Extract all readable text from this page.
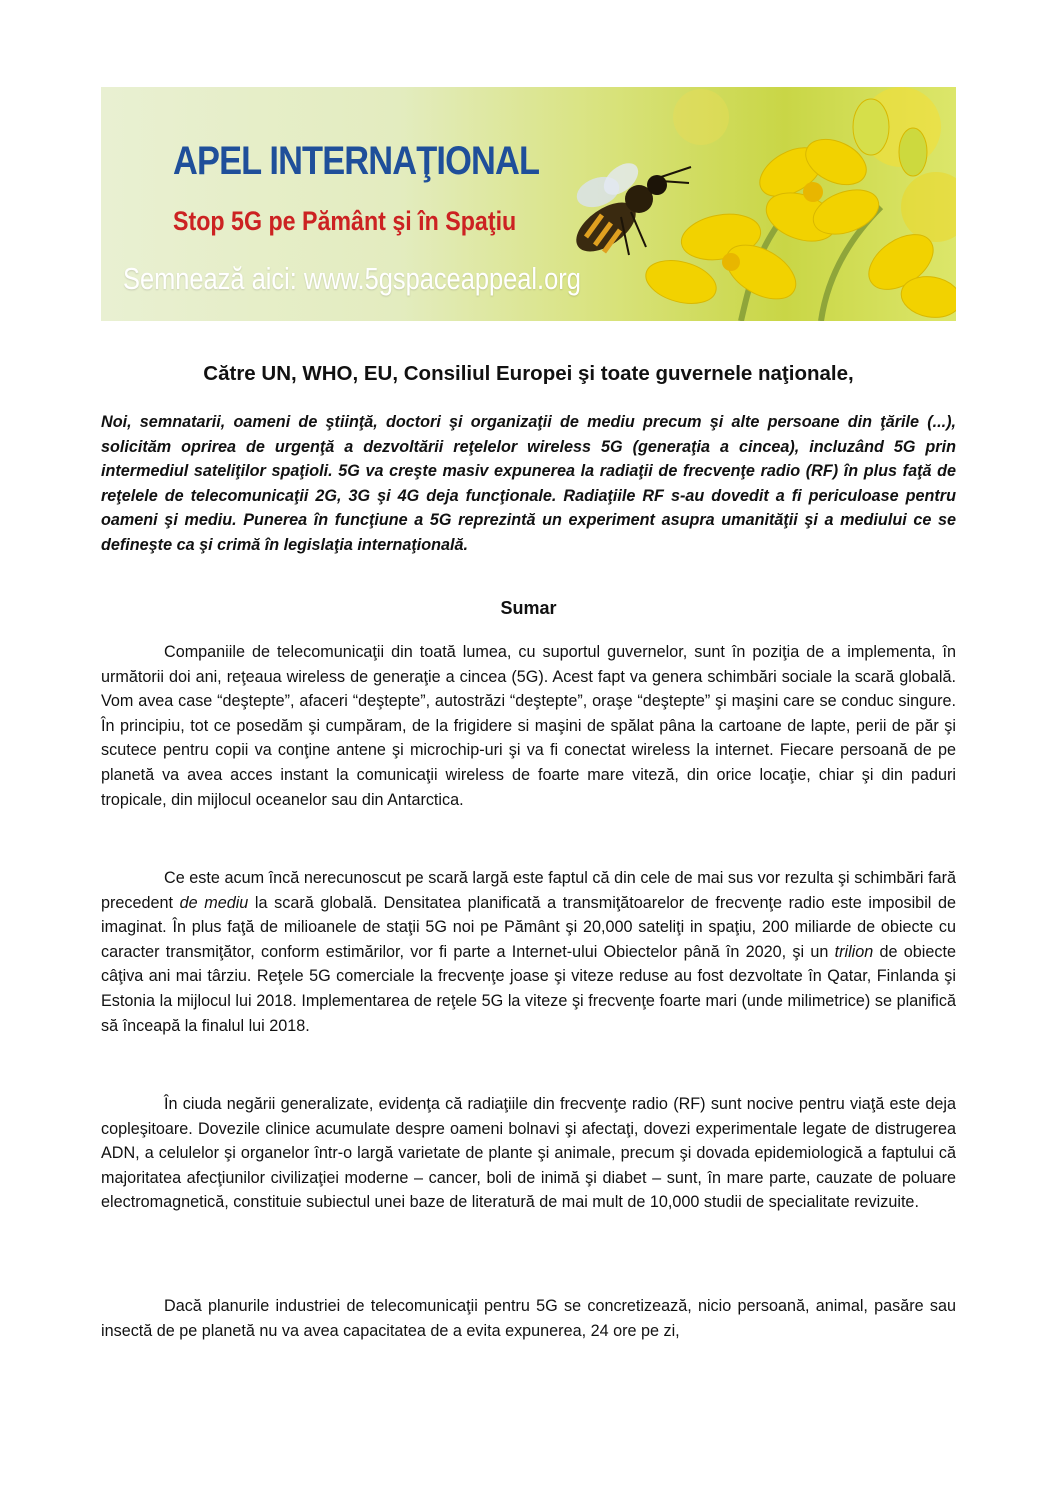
APEL INTERNAŢIONAL
Stop 5G pe Pământ şi în Spaţiu
Semnează aici: www.5gspaceappeal.org
Către UN, WHO, EU, Consiliul Europei şi toate guvernele naţionale,

Noi, semnatarii, oameni de ştiinţă, doctori şi organizaţii de mediu precum şi alte persoane din ţările (...), solicităm oprirea de urgenţă a dezvoltării reţelelor wireless 5G (generaţia a cincea), incluzând 5G prin intermediul sateliţilor spaţioli. 5G va creşte masiv expunerea la radiaţii de frecvenţe radio (RF) în plus faţă de reţelele de telecomunicaţii 2G, 3G şi 4G deja funcţionale. Radiaţiile RF s-au dovedit a fi periculoase pentru oameni şi mediu. Punerea în funcţiune a 5G reprezintă un experiment asupra umanităţii şi a mediului ce se defineşte ca şi crimă în legislaţia internaţională.

Sumar

Companiile de telecomunicaţii din toată lumea, cu suportul guvernelor, sunt în poziţia de a implementa, în următorii doi ani, reţeaua wireless de generaţie a cincea (5G). Acest fapt va genera schimbări sociale la scară globală. Vom avea case “deştepte”, afaceri “deştepte”, autostrăzi “deştepte”, oraşe “deştepte” şi maşini care se conduc singure. În principiu, tot ce posedăm şi cumpăram, de la frigidere si maşini de spălat pâna la cartoane de lapte, perii de păr şi scutece pentru copii va conţine antene şi microchip-uri şi va fi conectat wireless la internet. Fiecare persoană de pe planetă va avea acces instant la comunicaţii wireless de foarte mare viteză, din orice locaţie, chiar şi din paduri tropicale, din mijlocul oceanelor sau din Antarctica.

Ce este acum încă nerecunoscut pe scară largă este faptul că din cele de mai sus vor rezulta şi schimbări fară precedent de mediu la scară globală. Densitatea planificată a transmiţătoarelor de frecvenţe radio este imposibil de imaginat. În plus faţă de milioanele de staţii 5G noi pe Pământ şi 20,000 sateliţi in spaţiu, 200 miliarde de obiecte cu caracter transmiţător, conform estimărilor, vor fi parte a Internet-ului Obiectelor până în 2020, şi un trilion de obiecte câţiva ani mai târziu. Reţele 5G comerciale la frecvenţe joase şi viteze reduse au fost dezvoltate în Qatar, Finlanda şi Estonia la mijlocul lui 2018. Implementarea de reţele 5G la viteze şi frecvenţe foarte mari (unde milimetrice) se planifică să înceapă la finalul lui 2018.

În ciuda negării generalizate, evidenţa că radiaţiile din frecvenţe radio (RF) sunt nocive pentru viaţă este deja copleşitoare. Dovezile clinice acumulate despre oameni bolnavi şi afectaţi, dovezi experimentale legate de distrugerea ADN, a celulelor şi organelor într-o largă varietate de plante şi animale, precum şi dovada epidemiologică a faptului că majoritatea afecţiunilor civilizaţiei moderne – cancer, boli de inimă şi diabet – sunt, în mare parte, cauzate de poluare electromagnetică, constituie subiectul unei baze de literatură de mai mult de 10,000 studii de specialitate revizuite.

Dacă planurile industriei de telecomunicaţii pentru 5G se concretizează, nicio persoană, animal, pasăre sau insectă de pe planetă nu va avea capacitatea de a evita expunerea, 24 ore pe zi,
